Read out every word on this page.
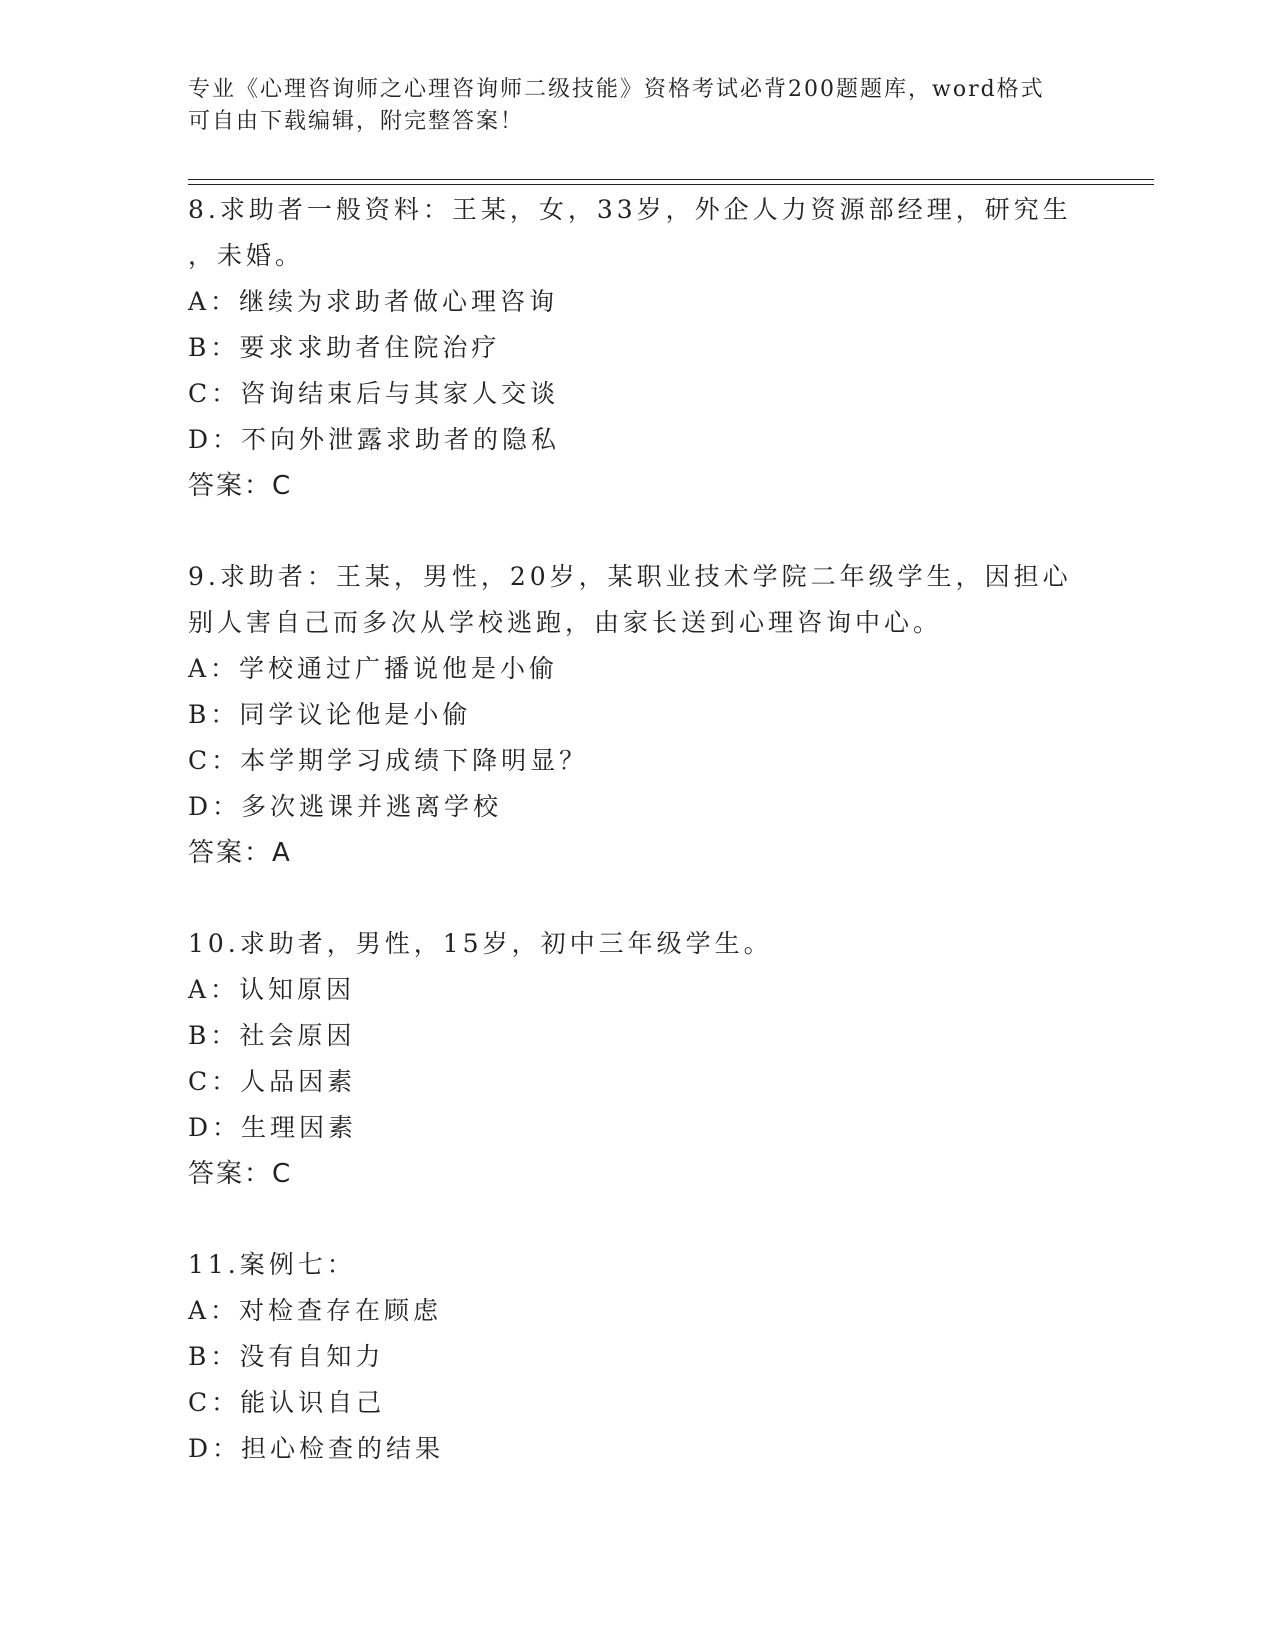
专业《心理咨询师之心理咨询师二级技能》资格考试必背200题题库，word格式
可自由下载编辑，附完整答案！
8.求助者一般资料：王某，女，33岁，外企人力资源部经理，研究生
，未婚。
A：继续为求助者做心理咨询
B：要求求助者住院治疗
C：咨询结束后与其家人交谈
D：不向外泄露求助者的隐私
答案：C
9.求助者：王某，男性，20岁，某职业技术学院二年级学生，因担心
别人害自己而多次从学校逃跑，由家长送到心理咨询中心。
A：学校通过广播说他是小偷
B：同学议论他是小偷
C：本学期学习成绩下降明显？
D：多次逃课并逃离学校
答案：A
10.求助者，男性，15岁，初中三年级学生。
A：认知原因
B：社会原因
C：人品因素
D：生理因素
答案：C
11.案例七：
A：对检查存在顾虑
B：没有自知力
C：能认识自己
D：担心检查的结果
